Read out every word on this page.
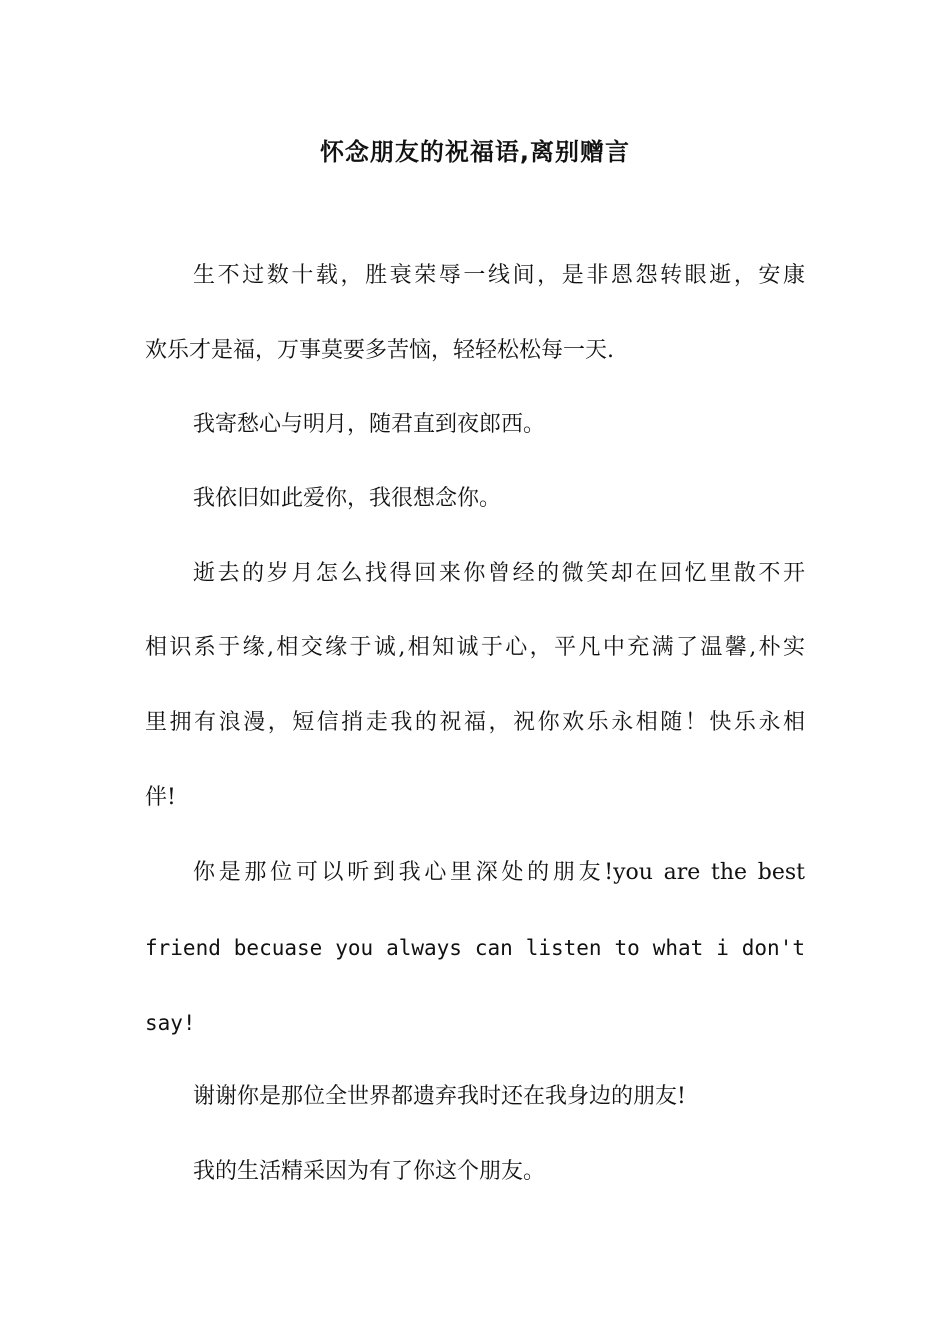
怀念朋友的祝福语,离别赠言
生不过数十载，胜衰荣辱一线间，是非恩怨转眼逝，安康
欢乐才是福，万事莫要多苦恼，轻轻松松每一天.
我寄愁心与明月，随君直到夜郎西。
我依旧如此爱你，我很想念你。
逝去的岁月怎么找得回来你曾经的微笑却在回忆里散不开
相识系于缘,相交缘于诚,相知诚于心，平凡中充满了温馨,朴实
里拥有浪漫，短信捎走我的祝福，祝你欢乐永相随！快乐永相
伴!
你是那位可以听到我心里深处的朋友!you are the best
friend becuase you always can listen to what i don't
say!
谢谢你是那位全世界都遗弃我时还在我身边的朋友!
我的生活精采因为有了你这个朋友。
